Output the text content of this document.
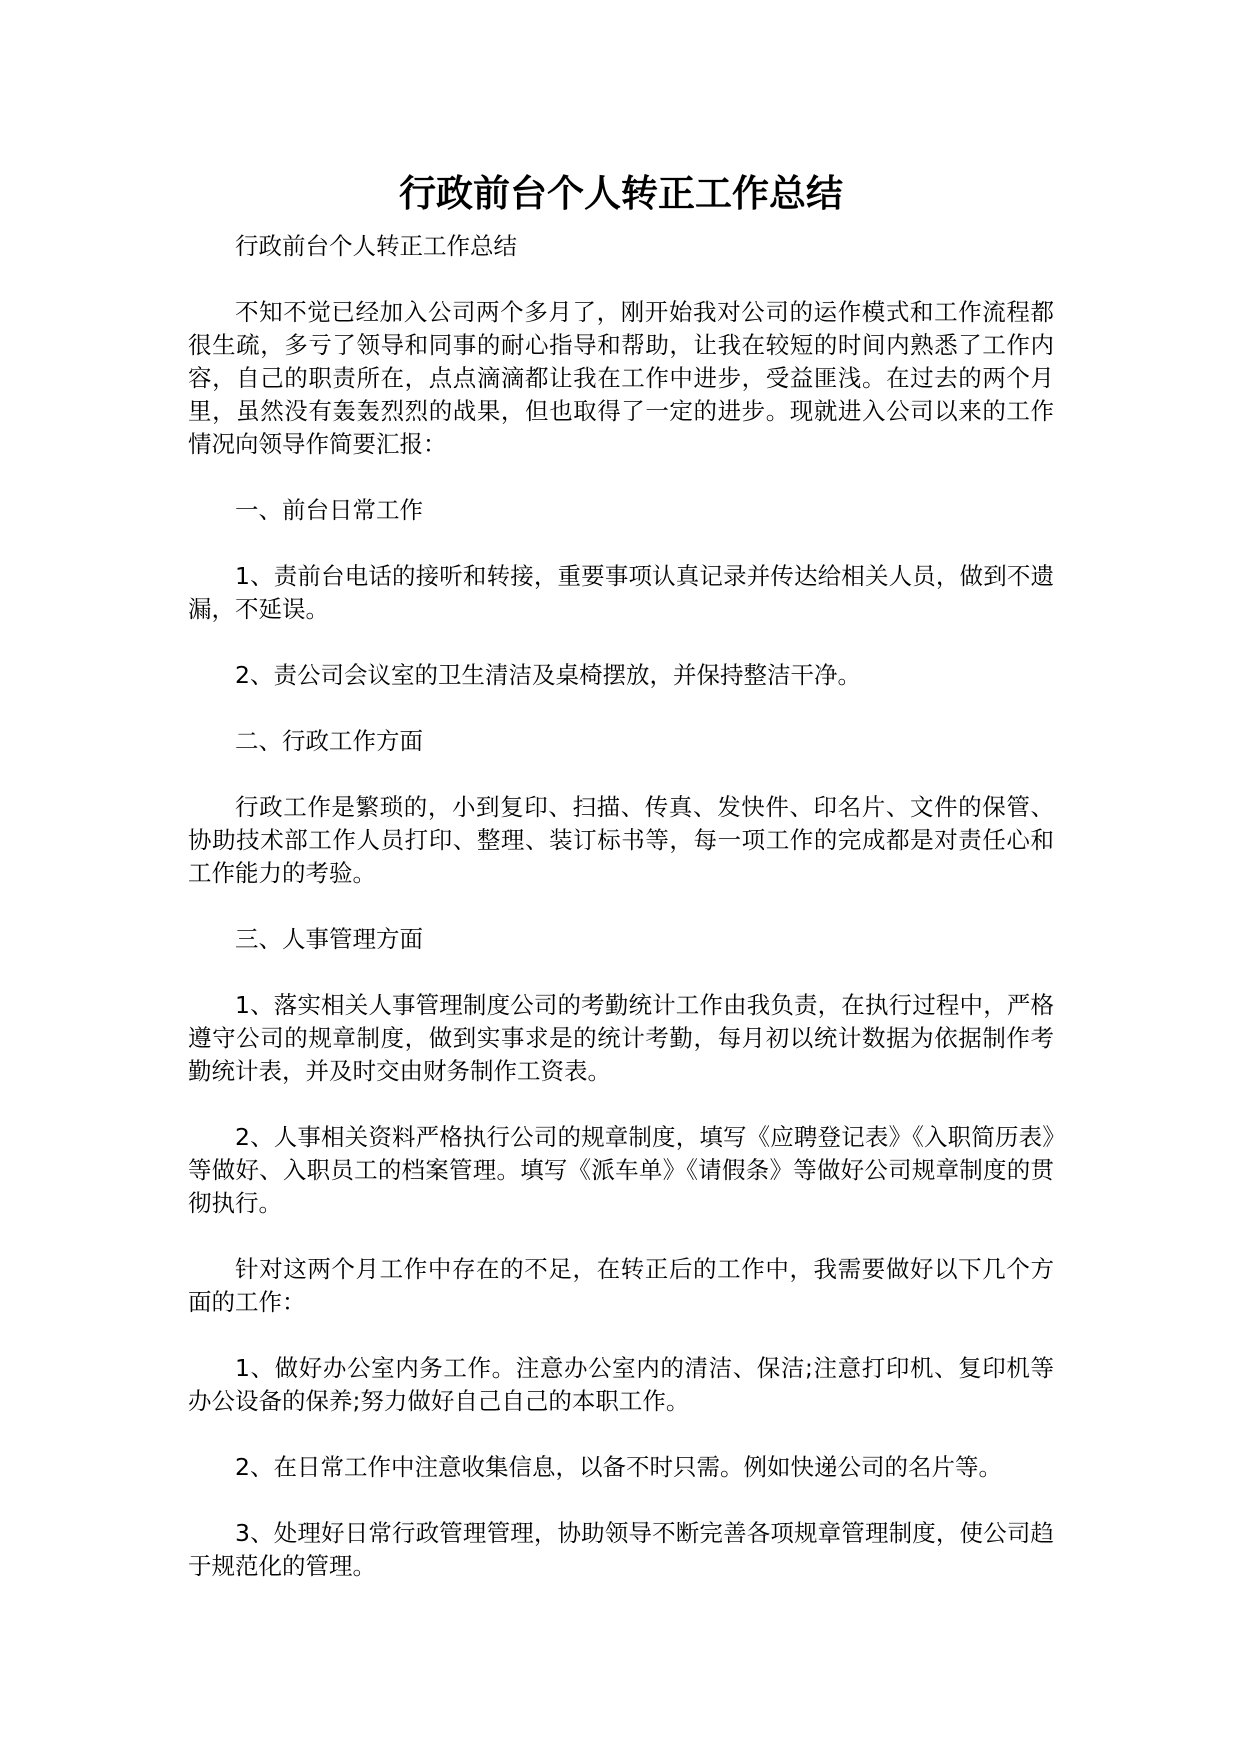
行政前台个人转正工作总结

行政前台个人转正工作总结

不知不觉已经加入公司两个多月了，刚开始我对公司的运作模式和工作流程都很生疏，多亏了领导和同事的耐心指导和帮助，让我在较短的时间内熟悉了工作内容，自己的职责所在，点点滴滴都让我在工作中进步，受益匪浅。在过去的两个月里，虽然没有轰轰烈烈的战果，但也取得了一定的进步。现就进入公司以来的工作情况向领导作简要汇报：

一、前台日常工作

1、责前台电话的接听和转接，重要事项认真记录并传达给相关人员，做到不遗漏，不延误。

2、责公司会议室的卫生清洁及桌椅摆放，并保持整洁干净。

二、行政工作方面

行政工作是繁琐的，小到复印、扫描、传真、发快件、印名片、文件的保管、协助技术部工作人员打印、整理、装订标书等，每一项工作的完成都是对责任心和工作能力的考验。

三、人事管理方面

1、落实相关人事管理制度公司的考勤统计工作由我负责，在执行过程中，严格遵守公司的规章制度，做到实事求是的统计考勤，每月初以统计数据为依据制作考勤统计表，并及时交由财务制作工资表。

2、人事相关资料严格执行公司的规章制度，填写《应聘登记表》《入职简历表》等做好、入职员工的档案管理。填写《派车单》《请假条》等做好公司规章制度的贯彻执行。

针对这两个月工作中存在的不足，在转正后的工作中，我需要做好以下几个方面的工作：

1、做好办公室内务工作。注意办公室内的清洁、保洁;注意打印机、复印机等办公设备的保养;努力做好自己自己的本职工作。

2、在日常工作中注意收集信息，以备不时只需。例如快递公司的名片等。

3、处理好日常行政管理管理，协助领导不断完善各项规章管理制度，使公司趋于规范化的管理。
